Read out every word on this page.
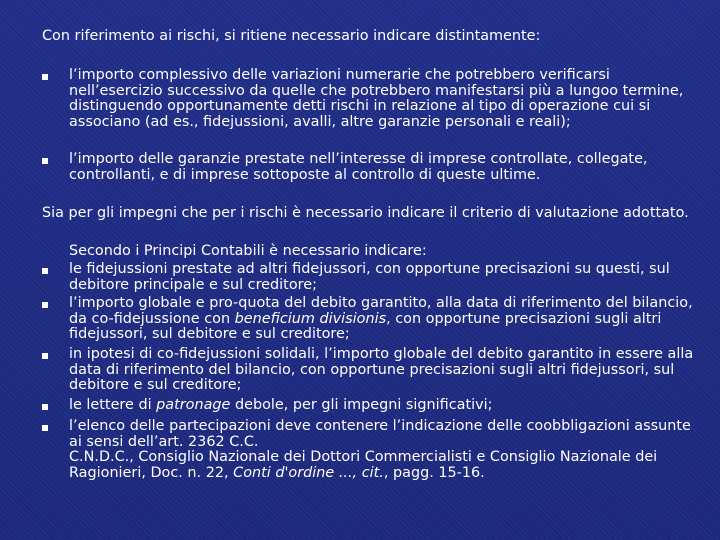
Con riferimento ai rischi, si ritiene necessario indicare distintamente:

l’importo complessivo delle variazioni numerarie che potrebbero verificarsi
nell’esercizio successivo da quelle che potrebbero manifestarsi più a lungoo termine,
distinguendo opportunamente detti rischi in relazione al tipo di operazione cui si
associano (ad es., fidejussioni, avalli, altre garanzie personali e reali);

l’importo delle garanzie prestate nell’interesse di imprese controllate, collegate,
controllanti, e di imprese sottoposte al controllo di queste ultime.

Sia per gli impegni che per i rischi è necessario indicare il criterio di valutazione adottato.

Secondo i Principi Contabili è necessario indicare:

le fidejussioni prestate ad altri fidejussori, con opportune precisazioni su questi, sul
debitore principale e sul creditore;

l’importo globale e pro-quota del debito garantito, alla data di riferimento del bilancio,
da co-fidejussione con beneficium divisionis, con opportune precisazioni sugli altri
fidejussori, sul debitore e sul creditore;

in ipotesi di co-fidejussioni solidali, l’importo globale del debito garantito in essere alla
data di riferimento del bilancio, con opportune precisazioni sugli altri fidejussori, sul
debitore e sul creditore;

le lettere di patronage debole, per gli impegni significativi;

l’elenco delle partecipazioni deve contenere l’indicazione delle coobbligazioni assunte
ai sensi dell’art. 2362 C.C.
C.N.D.C., Consiglio Nazionale dei Dottori Commercialisti e Consiglio Nazionale dei
Ragionieri, Doc. n. 22, Conti d'ordine ..., cit., pagg. 15-16.
